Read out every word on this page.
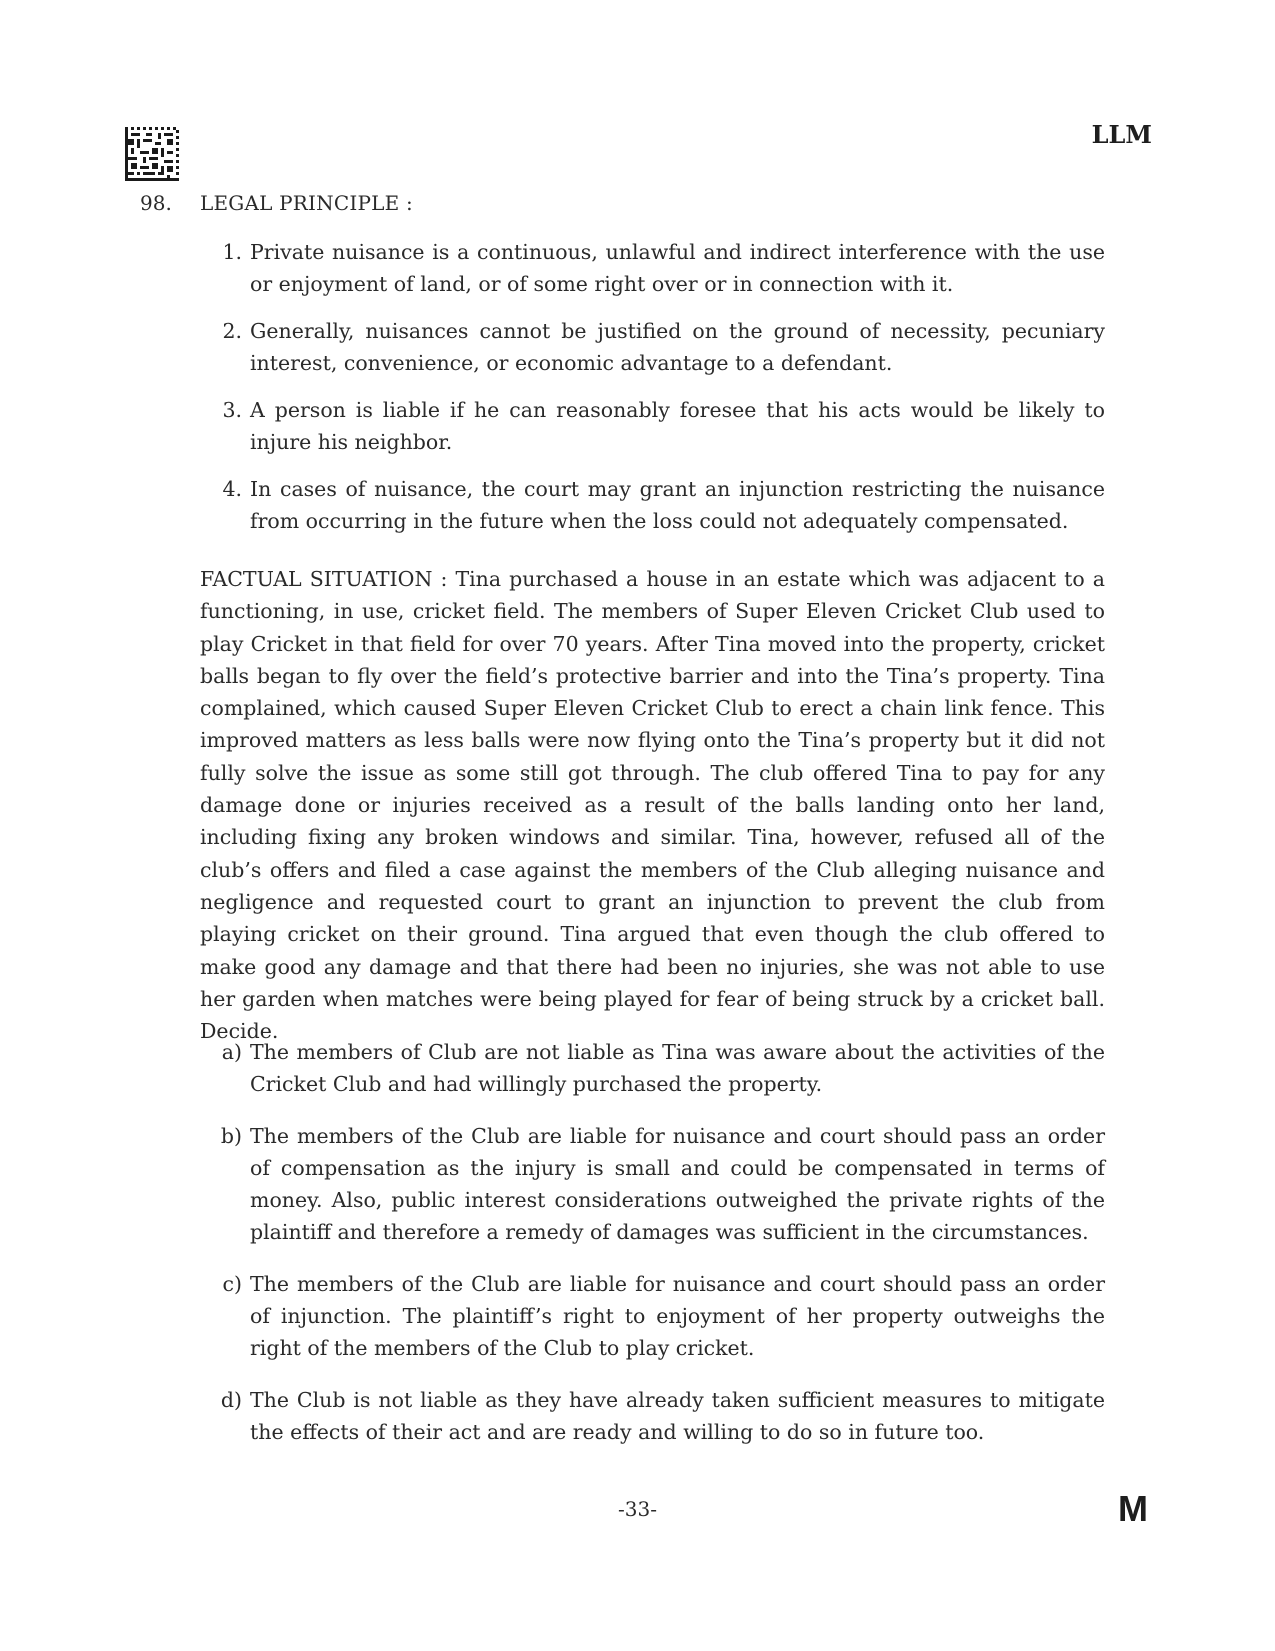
LLM
98. LEGAL PRINCIPLE :
1. Private nuisance is a continuous, unlawful and indirect interference with the use or enjoyment of land, or of some right over or in connection with it.
2. Generally, nuisances cannot be justified on the ground of necessity, pecuniary interest, convenience, or economic advantage to a defendant.
3. A person is liable if he can reasonably foresee that his acts would be likely to injure his neighbor.
4. In cases of nuisance, the court may grant an injunction restricting the nuisance from occurring in the future when the loss could not adequately compensated.
FACTUAL SITUATION : Tina purchased a house in an estate which was adjacent to a functioning, in use, cricket field. The members of Super Eleven Cricket Club used to play Cricket in that field for over 70 years. After Tina moved into the property, cricket balls began to fly over the field’s protective barrier and into the Tina’s property. Tina complained, which caused Super Eleven Cricket Club to erect a chain link fence. This improved matters as less balls were now flying onto the Tina’s property but it did not fully solve the issue as some still got through. The club offered Tina to pay for any damage done or injuries received as a result of the balls landing onto her land, including fixing any broken windows and similar. Tina, however, refused all of the club’s offers and filed a case against the members of the Club alleging nuisance and negligence and requested court to grant an injunction to prevent the club from playing cricket on their ground. Tina argued that even though the club offered to make good any damage and that there had been no injuries, she was not able to use her garden when matches were being played for fear of being struck by a cricket ball. Decide.
a) The members of Club are not liable as Tina was aware about the activities of the Cricket Club and had willingly purchased the property.
b) The members of the Club are liable for nuisance and court should pass an order of compensation as the injury is small and could be compensated in terms of money. Also, public interest considerations outweighed the private rights of the plaintiff and therefore a remedy of damages was sufficient in the circumstances.
c) The members of the Club are liable for nuisance and court should pass an order of injunction. The plaintiff’s right to enjoyment of her property outweighs the right of the members of the Club to play cricket.
d) The Club is not liable as they have already taken sufficient measures to mitigate the effects of their act and are ready and willing to do so in future too.
-33-	M
